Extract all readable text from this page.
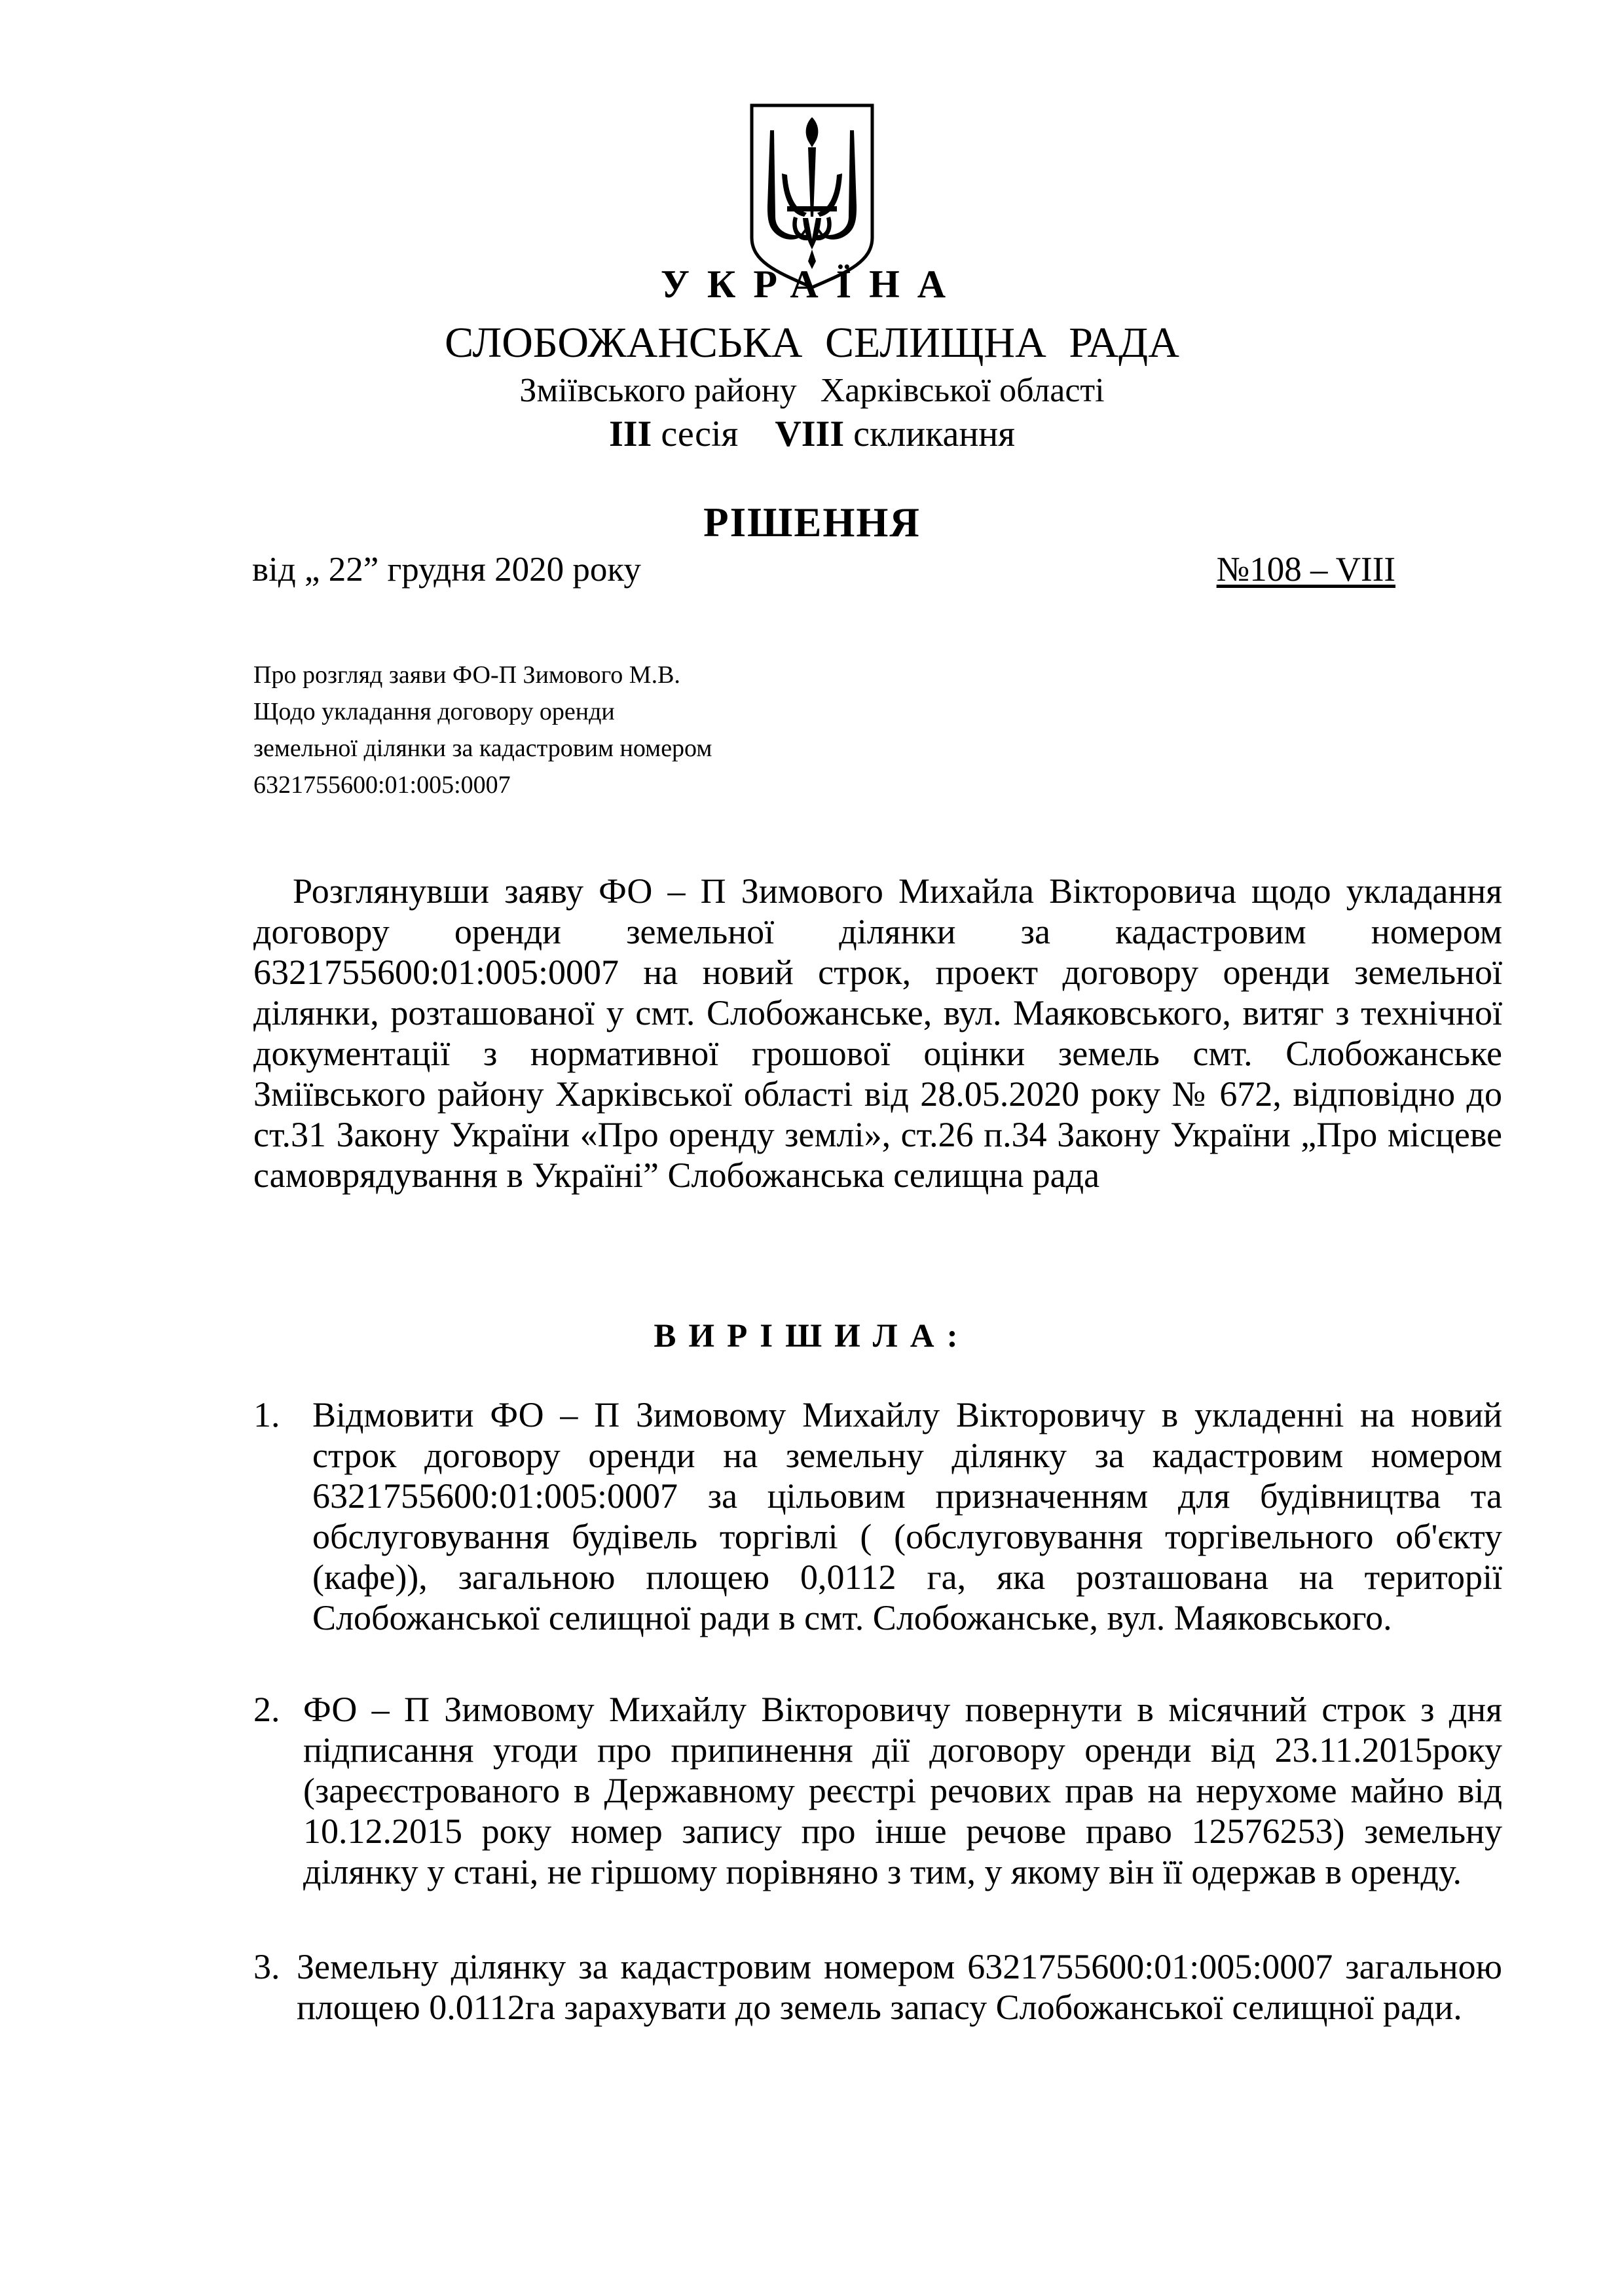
УКРАЇНА
СЛОБОЖАНСЬКА СЕЛИЩНА РАДА
Зміївського району Харківської області
ІІІ сесія VІІІ скликання
РІШЕННЯ
від „ 22” грудня 2020 року	№108 – VІІІ
Про розгляд заяви ФО-П Зимового М.В.
Щодо укладання договору оренди
земельної ділянки за кадастровим номером
6321755600:01:005:0007
Розглянувши заяву ФО – П Зимового Михайла Вікторовича щодо укладання договору оренди земельної ділянки за кадастровим номером 6321755600:01:005:0007 на новий строк, проект договору оренди земельної ділянки, розташованої у смт. Слобожанське, вул. Маяковського, витяг з технічної документації з нормативної грошової оцінки земель смт. Слобожанське Зміївського району Харківської області від 28.05.2020 року № 672, відповідно до ст.31 Закону України «Про оренду землі», ст.26 п.34 Закону України „Про місцеве самоврядування в Україні” Слобожанська селищна рада
ВИРІШИЛА:
1. Відмовити ФО – П Зимовому Михайлу Вікторовичу в укладенні на новий строк договору оренди на земельну ділянку за кадастровим номером 6321755600:01:005:0007 за цільовим призначенням для будівництва та обслуговування будівель торгівлі ( (обслуговування торгівельного об'єкту (кафе)), загальною площею 0,0112 га, яка розташована на території Слобожанської селищної ради в смт. Слобожанське, вул. Маяковського.
2. ФО – П Зимовому Михайлу Вікторовичу повернути в місячний строк з дня підписання угоди про припинення дії договору оренди від 23.11.2015року (зареєстрованого в Державному реєстрі речових прав на нерухоме майно від 10.12.2015 року номер запису про інше речове право 12576253) земельну ділянку у стані, не гіршому порівняно з тим, у якому він її одержав в оренду.
3. Земельну ділянку за кадастровим номером 6321755600:01:005:0007 загальною площею 0.0112га зарахувати до земель запасу Слобожанської селищної ради.
